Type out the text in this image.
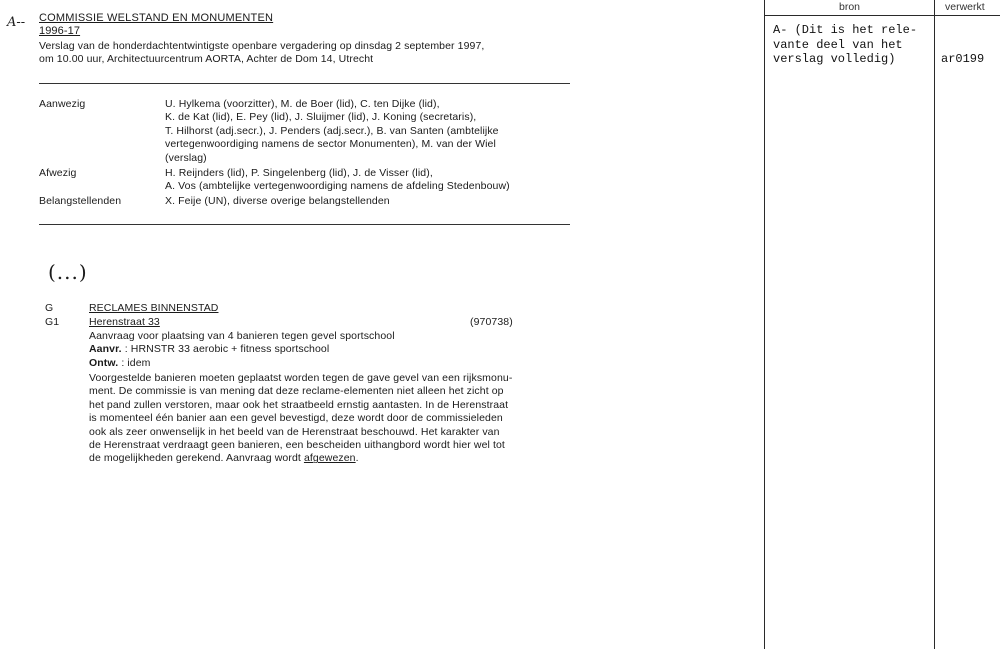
A-- COMMISSIE WELSTAND EN MONUMENTEN
1996-17
Verslag van de honderdachtentwintigste openbare vergadering op dinsdag 2 september 1997,
om 10.00 uur, Architectuurcentrum AORTA, Achter de Dom 14, Utrecht
Aanwezig	U. Hylkema (voorzitter), M. de Boer (lid), C. ten Dijke (lid),
K. de Kat (lid), E. Pey (lid), J. Sluijmer (lid), J. Koning (secretaris),
T. Hilhorst (adj.secr.), J. Penders (adj.secr.), B. van Santen (ambtelijke
vertegenwoordiging namens de sector Monumenten), M. van der Wiel
(verslag)
Afwezig	H. Reijnders (lid), P. Singelenberg (lid), J. de Visser (lid),
A. Vos (ambtelijke vertegenwoordiging namens de afdeling Stedenbouw)
Belangstellenden	X. Feije (UN), diverse overige belangstellenden
(...)
G	RECLAMES BINNENSTAD
G1	Herenstraat 33	(970738)
Aanvraag voor plaatsing van 4 banieren tegen gevel sportschool
Aanvr. : HRNSTR 33 aerobic + fitness sportschool
Ontw. : idem
Voorgestelde banieren moeten geplaatst worden tegen de gave gevel van een rijksmonu-
ment. De commissie is van mening dat deze reclame-elementen niet alleen het zicht op
het pand zullen verstoren, maar ook het straatbeeld ernstig aantasten. In de Herenstraat
is momenteel één banier aan een gevel bevestigd, deze wordt door de commissieleden
ook als zeer onwenselijk in het beeld van de Herenstraat beschouwd. Het karakter van
de Herenstraat verdraagt geen banieren, een bescheiden uithangbord wordt hier wel tot
de mogelijkheden gerekend. Aanvraag wordt afgewezen.
bron	verwerkt
A- (Dit is het rele-
vante deel van het
verslag volledig)	ar0199
